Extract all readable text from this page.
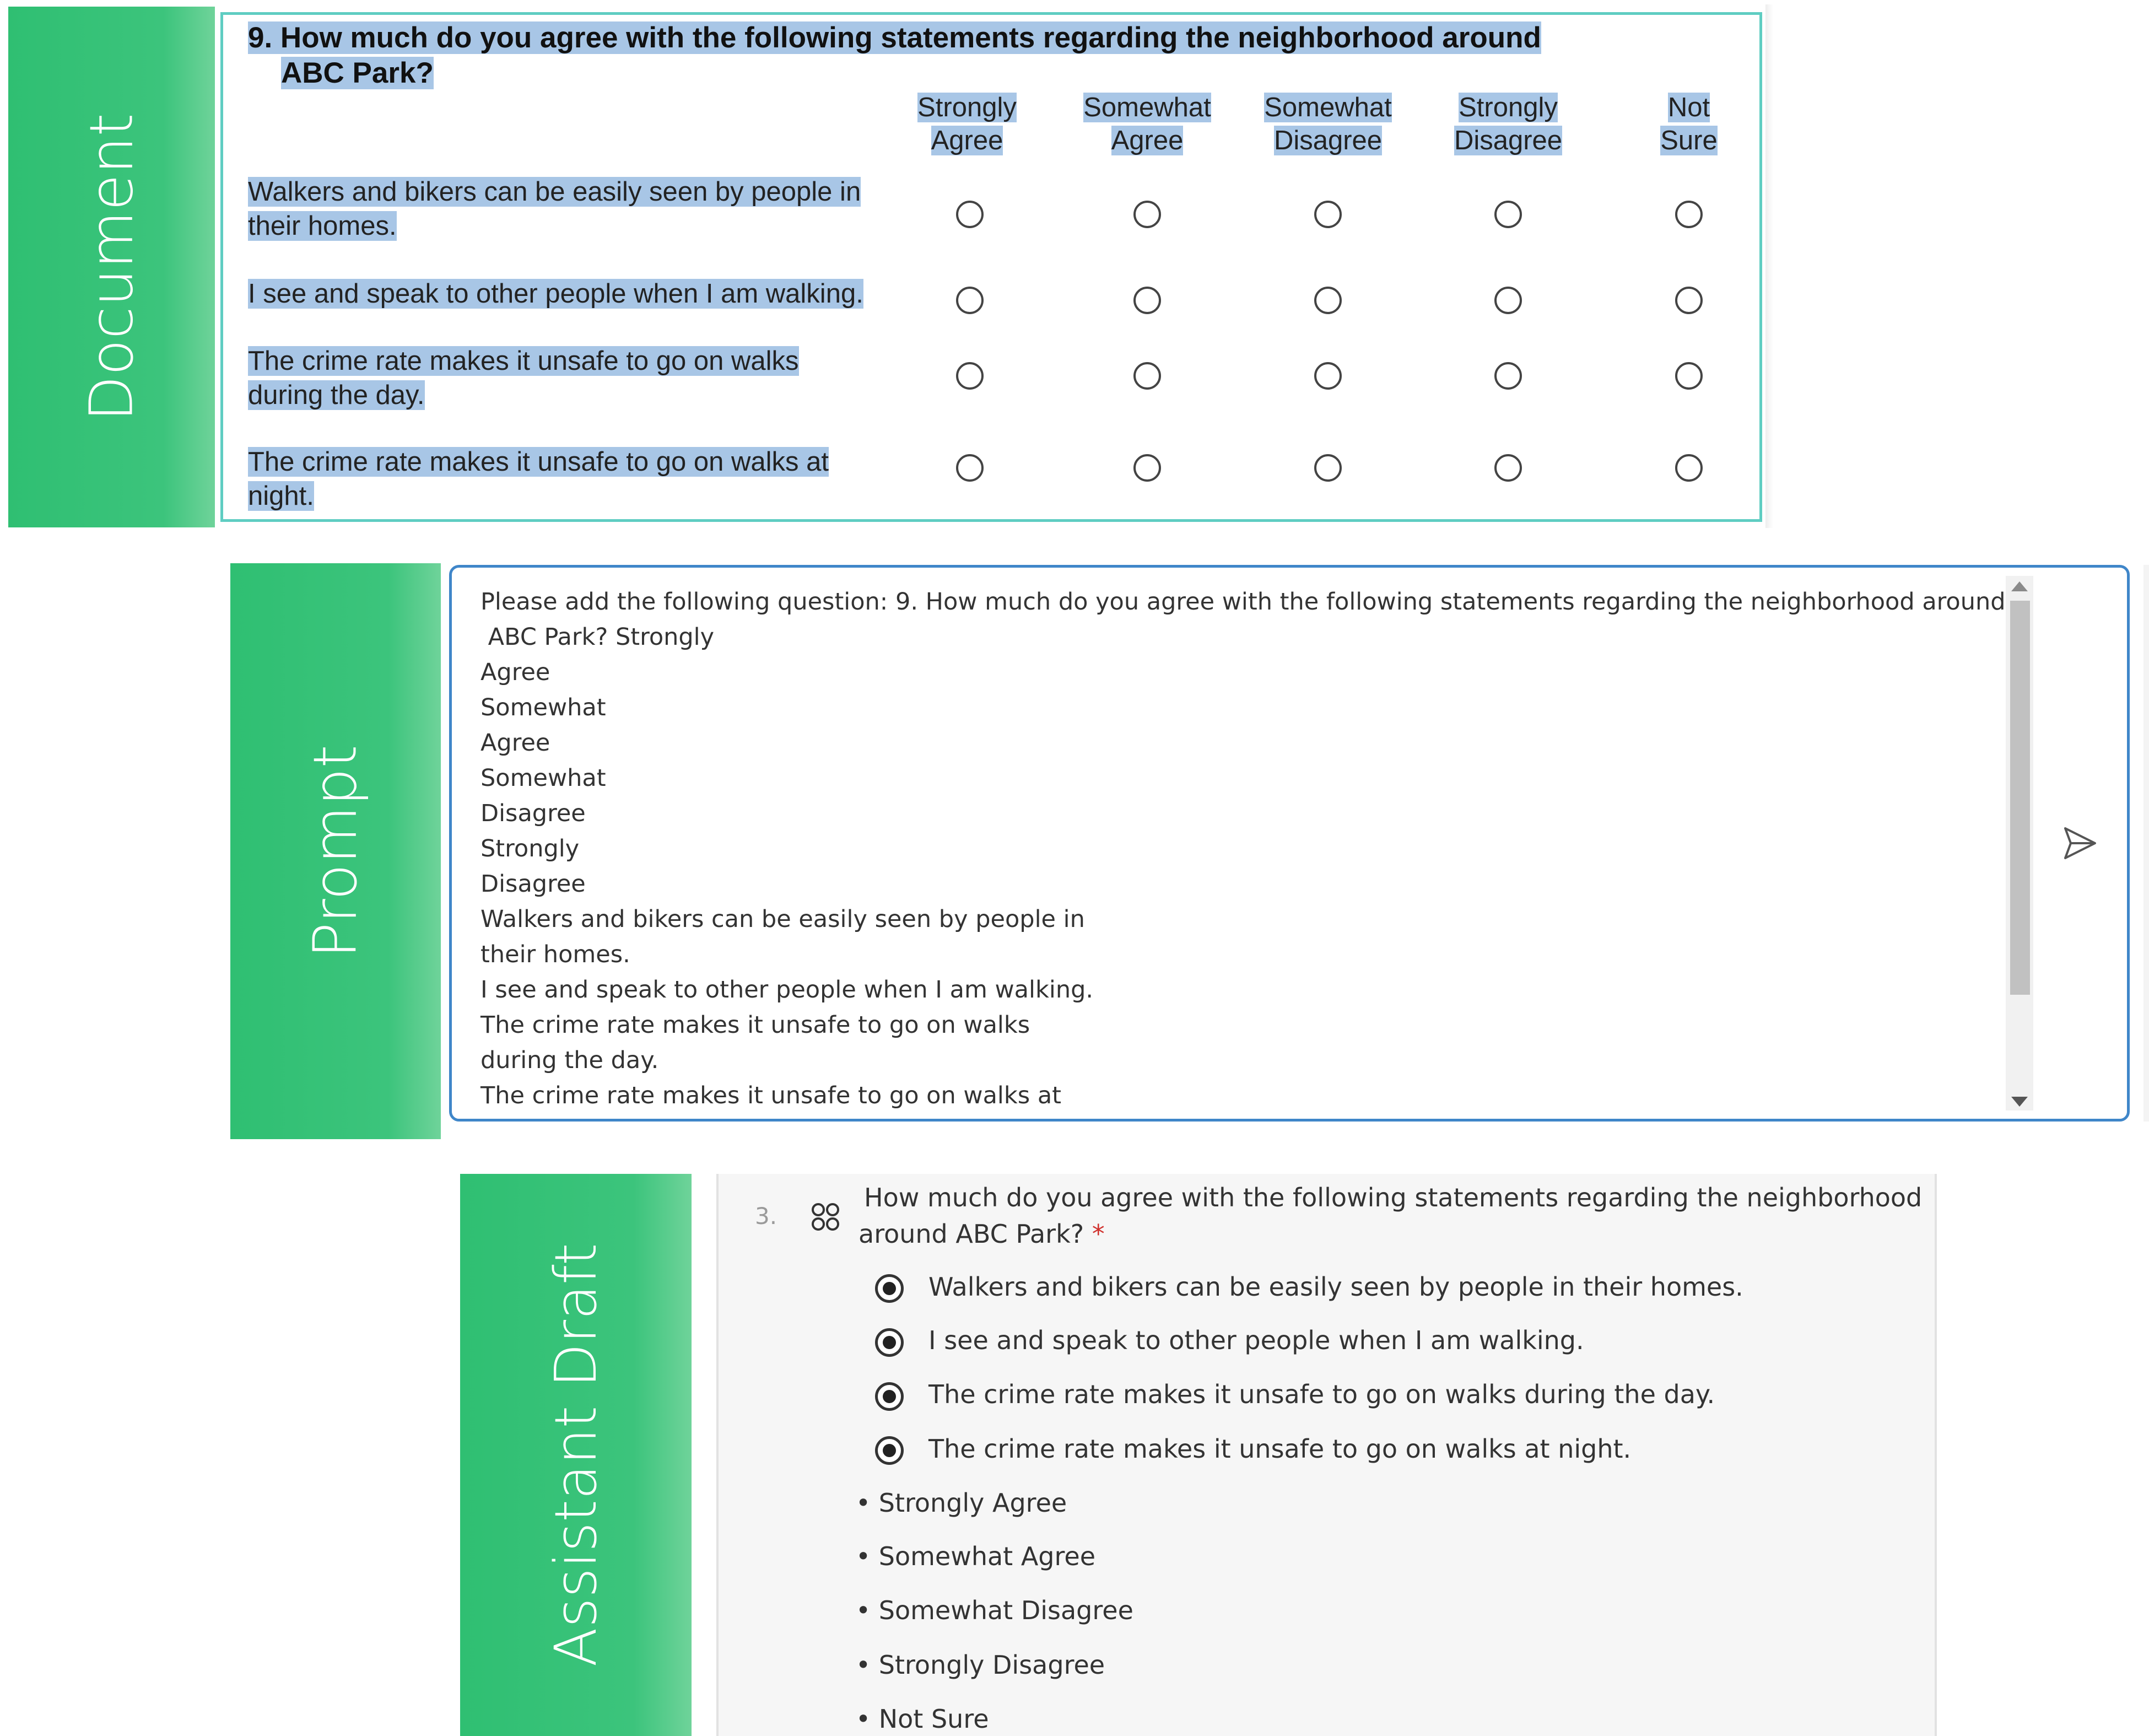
Document
9. How much do you agree with the following statements regarding the neighborhood around
ABC Park?
Strongly
Agree
Somewhat
Agree
Somewhat
Disagree
Strongly
Disagree
Not
Sure
Walkers and bikers can be easily seen by people in
their homes.
I see and speak to other people when I am walking.
The crime rate makes it unsafe to go on walks
during the day.
The crime rate makes it unsafe to go on walks at
night.
Prompt
Please add the following question: 9. How much do you agree with the following statements regarding the neighborhood around
ABC Park? Strongly
Agree
Somewhat
Agree
Somewhat
Disagree
Strongly
Disagree
Walkers and bikers can be easily seen by people in
their homes.
I see and speak to other people when I am walking.
The crime rate makes it unsafe to go on walks
during the day.
The crime rate makes it unsafe to go on walks at
Assistant Draft
3.
How much do you agree with the following statements regarding the neighborhood
around ABC Park? *
Walkers and bikers can be easily seen by people in their homes.
I see and speak to other people when I am walking.
The crime rate makes it unsafe to go on walks during the day.
The crime rate makes it unsafe to go on walks at night.
• Strongly Agree
• Somewhat Agree
• Somewhat Disagree
• Strongly Disagree
• Not Sure
